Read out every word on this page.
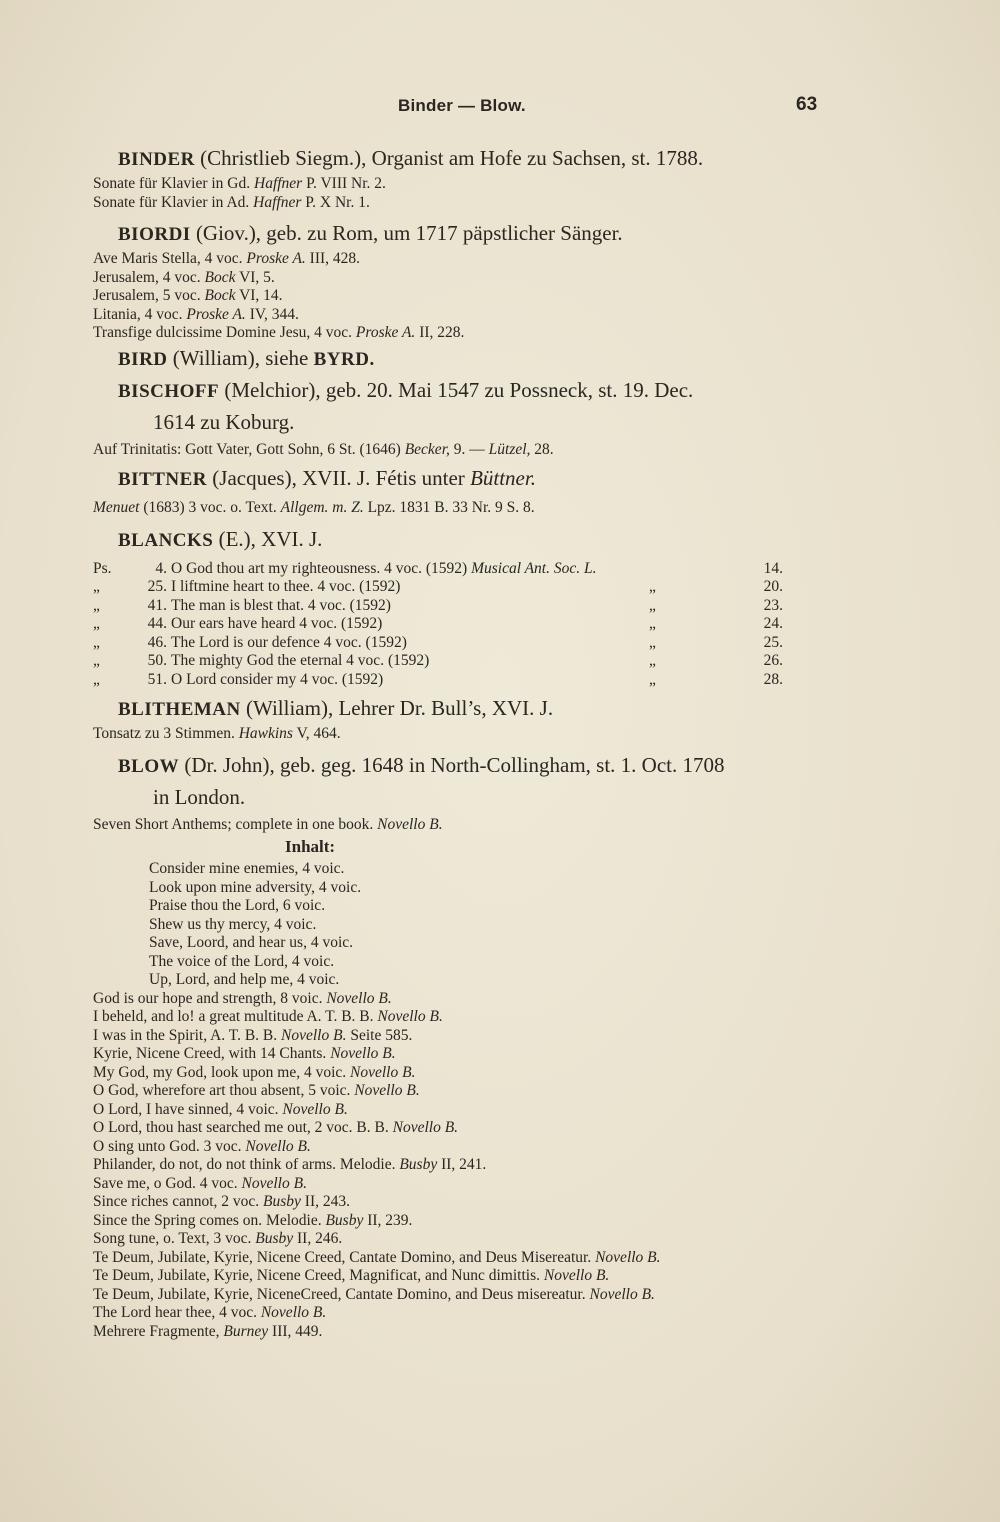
Binder — Blow.	63
BINDER (Christlieb Siegm.), Organist am Hofe zu Sachsen, st. 1788.
Sonate für Klavier in Gd. Haffner P. VIII Nr. 2.
Sonate für Klavier in Ad. Haffner P. X Nr. 1.
BIORDI (Giov.), geb. zu Rom, um 1717 päpstlicher Sänger.
Ave Maris Stella, 4 voc. Proske A. III, 428.
Jerusalem, 4 voc. Bock VI, 5.
Jerusalem, 5 voc. Bock VI, 14.
Litania, 4 voc. Proske A. IV, 344.
Transfige dulcissime Domine Jesu, 4 voc. Proske A. II, 228.
BIRD (William), siehe BYRD.
BISCHOFF (Melchior), geb. 20. Mai 1547 zu Possneck, st. 19. Dec.
1614 zu Koburg.
Auf Trinitatis: Gott Vater, Gott Sohn, 6 St. (1646) Becker, 9. — Lützel, 28.
BITTNER (Jacques), XVII. J. Fétis unter Büttner.
Menuet (1683) 3 voc. o. Text. Allgem. m. Z. Lpz. 1831 B. 33 Nr. 9 S. 8.
BLANCKS (E.), XVI. J.
Ps.	4. O God thou art my righteousness. 4 voc. (1592) Musical Ant. Soc. L.	14.
„	25. I liftmine heart to thee. 4 voc. (1592)	„	20.
„	41. The man is blest that. 4 voc. (1592)	„	23.
„	44. Our ears have heard 4 voc. (1592)	„	24.
„	46. The Lord is our defence 4 voc. (1592)	„	25.
„	50. The mighty God the eternal 4 voc. (1592)	„	26.
„	51. O Lord consider my 4 voc. (1592)	„	28.
BLITHEMAN (William), Lehrer Dr. Bull’s, XVI. J.
Tonsatz zu 3 Stimmen. Hawkins V, 464.
BLOW (Dr. John), geb. geg. 1648 in North-Collingham, st. 1. Oct. 1708
in London.
Seven Short Anthems; complete in one book. Novello B.
Inhalt:
Consider mine enemies, 4 voic.
Look upon mine adversity, 4 voic.
Praise thou the Lord, 6 voic.
Shew us thy mercy, 4 voic.
Save, Loord, and hear us, 4 voic.
The voice of the Lord, 4 voic.
Up, Lord, and help me, 4 voic.
God is our hope and strength, 8 voic. Novello B.
I beheld, and lo! a great multitude A. T. B. B. Novello B.
I was in the Spirit, A. T. B. B. Novello B. Seite 585.
Kyrie, Nicene Creed, with 14 Chants. Novello B.
My God, my God, look upon me, 4 voic. Novello B.
O God, wherefore art thou absent, 5 voic. Novello B.
O Lord, I have sinned, 4 voic. Novello B.
O Lord, thou hast searched me out, 2 voc. B. B. Novello B.
O sing unto God. 3 voc. Novello B.
Philander, do not, do not think of arms. Melodie. Busby II, 241.
Save me, o God. 4 voc. Novello B.
Since riches cannot, 2 voc. Busby II, 243.
Since the Spring comes on. Melodie. Busby II, 239.
Song tune, o. Text, 3 voc. Busby II, 246.
Te Deum, Jubilate, Kyrie, Nicene Creed, Cantate Domino, and Deus Misereatur. Novello B.
Te Deum, Jubilate, Kyrie, Nicene Creed, Magnificat, and Nunc dimittis. Novello B.
Te Deum, Jubilate, Kyrie, NiceneCreed, Cantate Domino, and Deus misereatur. Novello B.
The Lord hear thee, 4 voc. Novello B.
Mehrere Fragmente, Burney III, 449.
